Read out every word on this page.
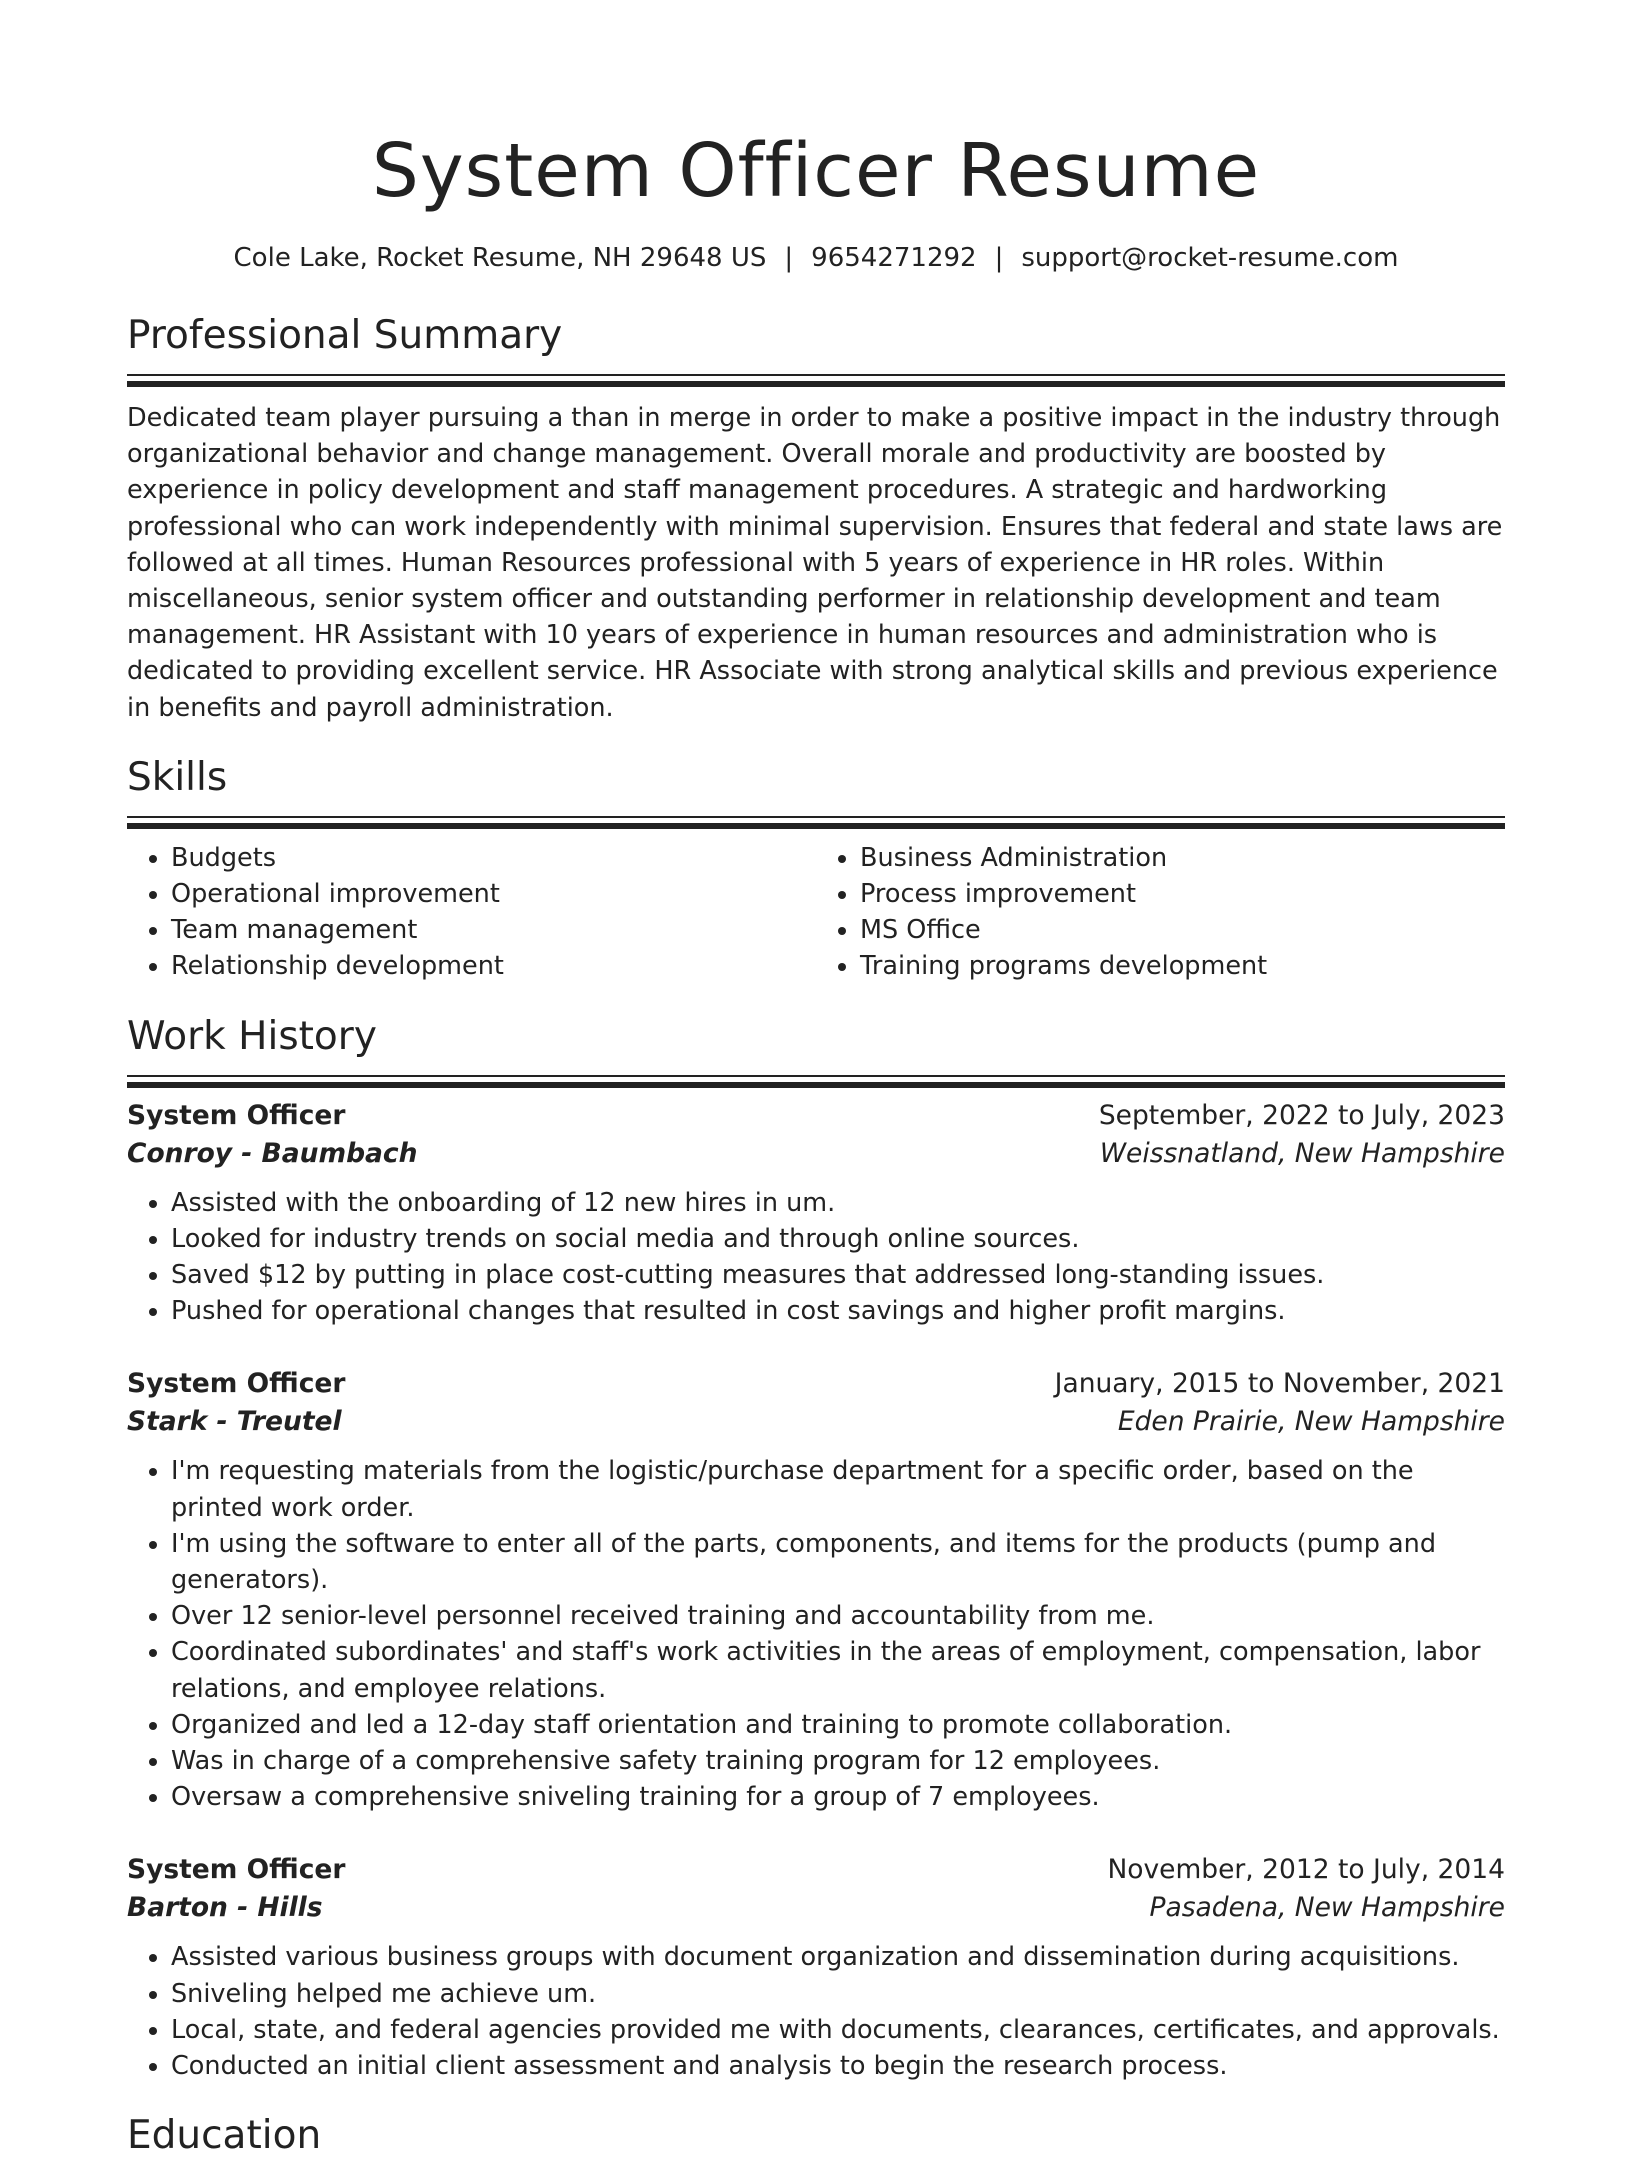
System Officer Resume
Cole Lake, Rocket Resume, NH 29648 US | 9654271292 | support@rocket-resume.com
Professional Summary

Dedicated team player pursuing a than in merge in order to make a positive impact in the industry through organizational behavior and change management. Overall morale and productivity are boosted by experience in policy development and staff management procedures. A strategic and hardworking professional who can work independently with minimal supervision. Ensures that federal and state laws are followed at all times. Human Resources professional with 5 years of experience in HR roles. Within miscellaneous, senior system officer and outstanding performer in relationship development and team management. HR Assistant with 10 years of experience in human resources and administration who is dedicated to providing excellent service. HR Associate with strong analytical skills and previous experience in benefits and payroll administration.

Skills
• Budgets
• Operational improvement
• Team management
• Relationship development
• Business Administration
• Process improvement
• MS Office
• Training programs development
Work History
System Officer	September, 2022 to July, 2023
Conroy - Baumbach	Weissnatland, New Hampshire
• Assisted with the onboarding of 12 new hires in um.
• Looked for industry trends on social media and through online sources.
• Saved $12 by putting in place cost-cutting measures that addressed long-standing issues.
• Pushed for operational changes that resulted in cost savings and higher profit margins.
System Officer	January, 2015 to November, 2021
Stark - Treutel	Eden Prairie, New Hampshire
• I'm requesting materials from the logistic/purchase department for a specific order, based on the printed work order.
• I'm using the software to enter all of the parts, components, and items for the products (pump and generators).
• Over 12 senior-level personnel received training and accountability from me.
• Coordinated subordinates' and staff's work activities in the areas of employment, compensation, labor relations, and employee relations.
• Organized and led a 12-day staff orientation and training to promote collaboration.
• Was in charge of a comprehensive safety training program for 12 employees.
• Oversaw a comprehensive sniveling training for a group of 7 employees.
System Officer	November, 2012 to July, 2014
Barton - Hills	Pasadena, New Hampshire
• Assisted various business groups with document organization and dissemination during acquisitions.
• Sniveling helped me achieve um.
• Local, state, and federal agencies provided me with documents, clearances, certificates, and approvals.
• Conducted an initial client assessment and analysis to begin the research process.
Education
